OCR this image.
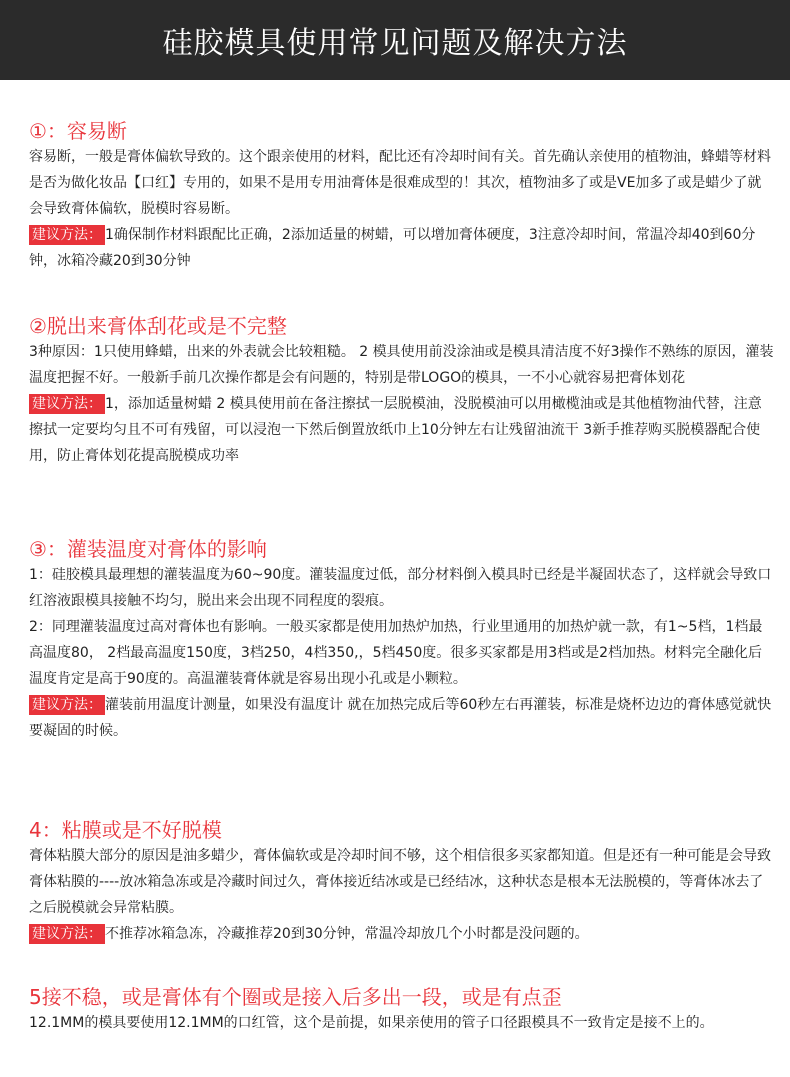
硅胶模具使用常见问题及解决方法
①：容易断

容易断，一般是膏体偏软导致的。这个跟亲使用的材料，配比还有冷却时间有关。首先确认亲使用的植物油，蜂蜡等材料是否为做化妆品【口红】专用的，如果不是用专用油膏体是很难成型的！其次，植物油多了或是VE加多了或是蜡少了就会导致膏体偏软，脱模时容易断。

建议方法： 1确保制作材料跟配比正确，2添加适量的树蜡，可以增加膏体硬度，3注意冷却时间，常温冷却40到60分钟，冰箱冷藏20到30分钟

②脱出来膏体刮花或是不完整

3种原因：1只使用蜂蜡，出来的外表就会比较粗糙。 2 模具使用前没涂油或是模具清洁度不好3操作不熟练的原因，灌装温度把握不好。一般新手前几次操作都是会有问题的，特别是带LOGO的模具，一不小心就容易把膏体划花

建议方法： 1，添加适量树蜡 2 模具使用前在备注擦拭一层脱模油，没脱模油可以用橄榄油或是其他植物油代替，注意擦拭一定要均匀且不可有残留，可以浸泡一下然后倒置放纸巾上10分钟左右让残留油流干 3新手推荐购买脱模器配合使用，防止膏体划花提高脱模成功率

③：灌装温度对膏体的影响

1：硅胶模具最理想的灌装温度为60~90度。灌装温度过低，部分材料倒入模具时已经是半凝固状态了，这样就会导致口红溶液跟模具接触不均匀，脱出来会出现不同程度的裂痕。

2：同理灌装温度过高对膏体也有影响。一般买家都是使用加热炉加热，行业里通用的加热炉就一款，有1~5档，1档最高温度80， 2档最高温度150度，3档250，4档350,，5档450度。很多买家都是用3档或是2档加热。材料完全融化后温度肯定是高于90度的。高温灌装膏体就是容易出现小孔或是小颗粒。

建议方法： 灌装前用温度计测量，如果没有温度计 就在加热完成后等60秒左右再灌装，标准是烧杯边边的膏体感觉就快要凝固的时候。

4：粘膜或是不好脱模

膏体粘膜大部分的原因是油多蜡少，膏体偏软或是冷却时间不够，这个相信很多买家都知道。但是还有一种可能是会导致膏体粘膜的----放冰箱急冻或是冷藏时间过久，膏体接近结冰或是已经结冰，这种状态是根本无法脱模的，等膏体冰去了之后脱模就会异常粘膜。

建议方法： 不推荐冰箱急冻，冷藏推荐20到30分钟，常温冷却放几个小时都是没问题的。

5接不稳，或是膏体有个圈或是接入后多出一段，或是有点歪

12.1MM的模具要使用12.1MM的口红管，这个是前提，如果亲使用的管子口径跟模具不一致肯定是接不上的。
